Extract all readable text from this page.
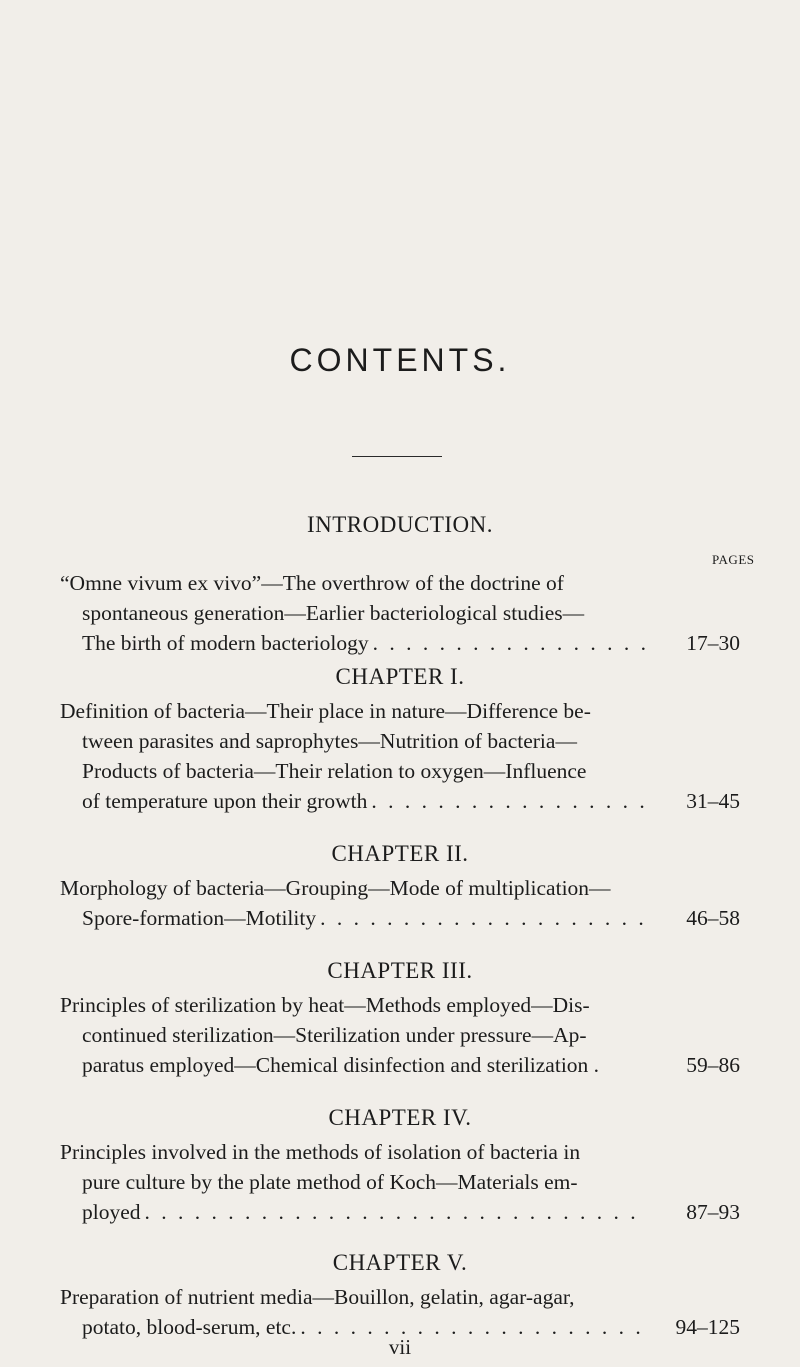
CONTENTS.
INTRODUCTION.
PAGES
“Omne vivum ex vivo”—The overthrow of the doctrine of
spontaneous generation—Earlier bacteriological studies—
The birth of modern bacteriology . . .	17–30
CHAPTER I.
Definition of bacteria—Their place in nature—Difference be-
tween parasites and saprophytes—Nutrition of bacteria—
Products of bacteria—Their relation to oxygen—Influence
of temperature upon their growth . . .	31–45
CHAPTER II.
Morphology of bacteria—Grouping—Mode of multiplication—
Spore-formation—Motility . . .	46–58
CHAPTER III.
Principles of sterilization by heat—Methods employed—Dis-
continued sterilization—Sterilization under pressure—Ap-
paratus employed—Chemical disinfection and sterilization .	59–86
CHAPTER IV.
Principles involved in the methods of isolation of bacteria in
pure culture by the plate method of Koch—Materials em-
ployed . . .	87–93
CHAPTER V.
Preparation of nutrient media—Bouillon, gelatin, agar-agar,
potato, blood-serum, etc. . . .	94–125
vii
